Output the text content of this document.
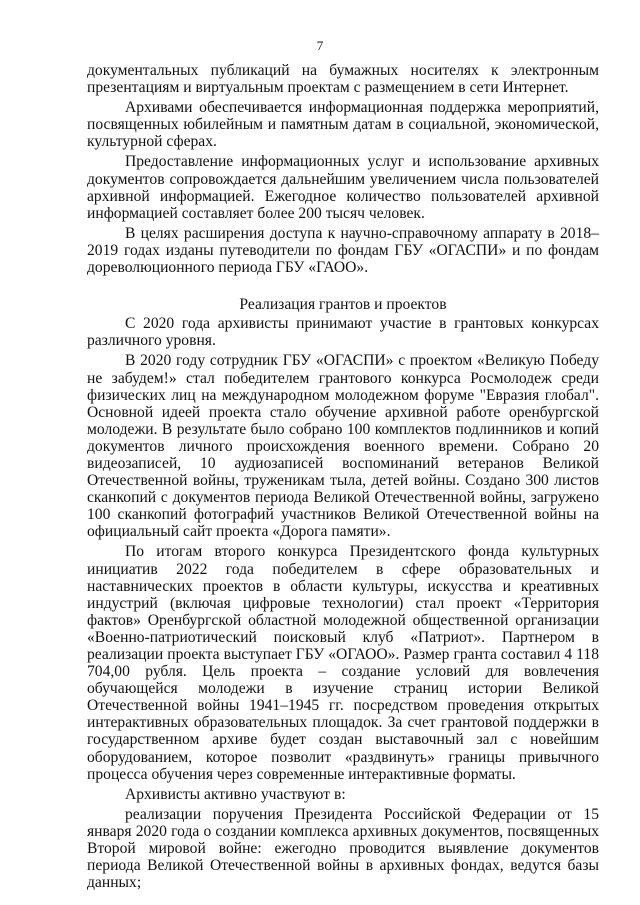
7

документальных публикаций на бумажных носителях к электронным презентациям и виртуальным проектам с размещением в сети Интернет.

Архивами обеспечивается информационная поддержка мероприятий, посвященных юбилейным и памятным датам в социальной, экономической, культурной сферах.

Предоставление информационных услуг и использование архивных документов сопровождается дальнейшим увеличением числа пользователей архивной информацией. Ежегодное количество пользователей архивной информацией составляет более 200 тысяч человек.

В целях расширения доступа к научно-справочному аппарату в 2018–2019 годах изданы путеводители по фондам ГБУ «ОГАСПИ» и по фондам дореволюционного периода ГБУ «ГАОО».

Реализация грантов и проектов

С 2020 года архивисты принимают участие в грантовых конкурсах различного уровня.

В 2020 году сотрудник ГБУ «ОГАСПИ» с проектом «Великую Победу не забудем!» стал победителем грантового конкурса Росмолодеж среди физических лиц на международном молодежном форуме "Евразия глобал". Основной идеей проекта стало обучение архивной работе оренбургской молодежи. В результате было собрано 100 комплектов подлинников и копий документов личного происхождения военного времени. Собрано 20 видеозаписей, 10 аудиозаписей воспоминаний ветеранов Великой Отечественной войны, труженикам тыла, детей войны. Создано 300 листов сканкопий с документов периода Великой Отечественной войны, загружено 100 сканкопий фотографий участников Великой Отечественной войны на официальный сайт проекта «Дорога памяти».

По итогам второго конкурса Президентского фонда культурных инициатив 2022 года победителем в сфере образовательных и наставнических проектов в области культуры, искусства и креативных индустрий (включая цифровые технологии) стал проект «Территория фактов» Оренбургской областной молодежной общественной организации «Военно-патриотический поисковый клуб «Патриот». Партнером в реализации проекта выступает ГБУ «ОГАОО». Размер гранта составил 4 118 704,00 рубля. Цель проекта – создание условий для вовлечения обучающейся молодежи в изучение страниц истории Великой Отечественной войны 1941–1945 гг. посредством проведения открытых интерактивных образовательных площадок. За счет грантовой поддержки в государственном архиве будет создан выставочный зал с новейшим оборудованием, которое позволит «раздвинуть» границы привычного процесса обучения через современные интерактивные форматы.

Архивисты активно участвуют в:

реализации поручения Президента Российской Федерации от 15 января 2020 года о создании комплекса архивных документов, посвященных Второй мировой войне: ежегодно проводится выявление документов периода Великой Отечественной войны в архивных фондах, ведутся базы данных;
